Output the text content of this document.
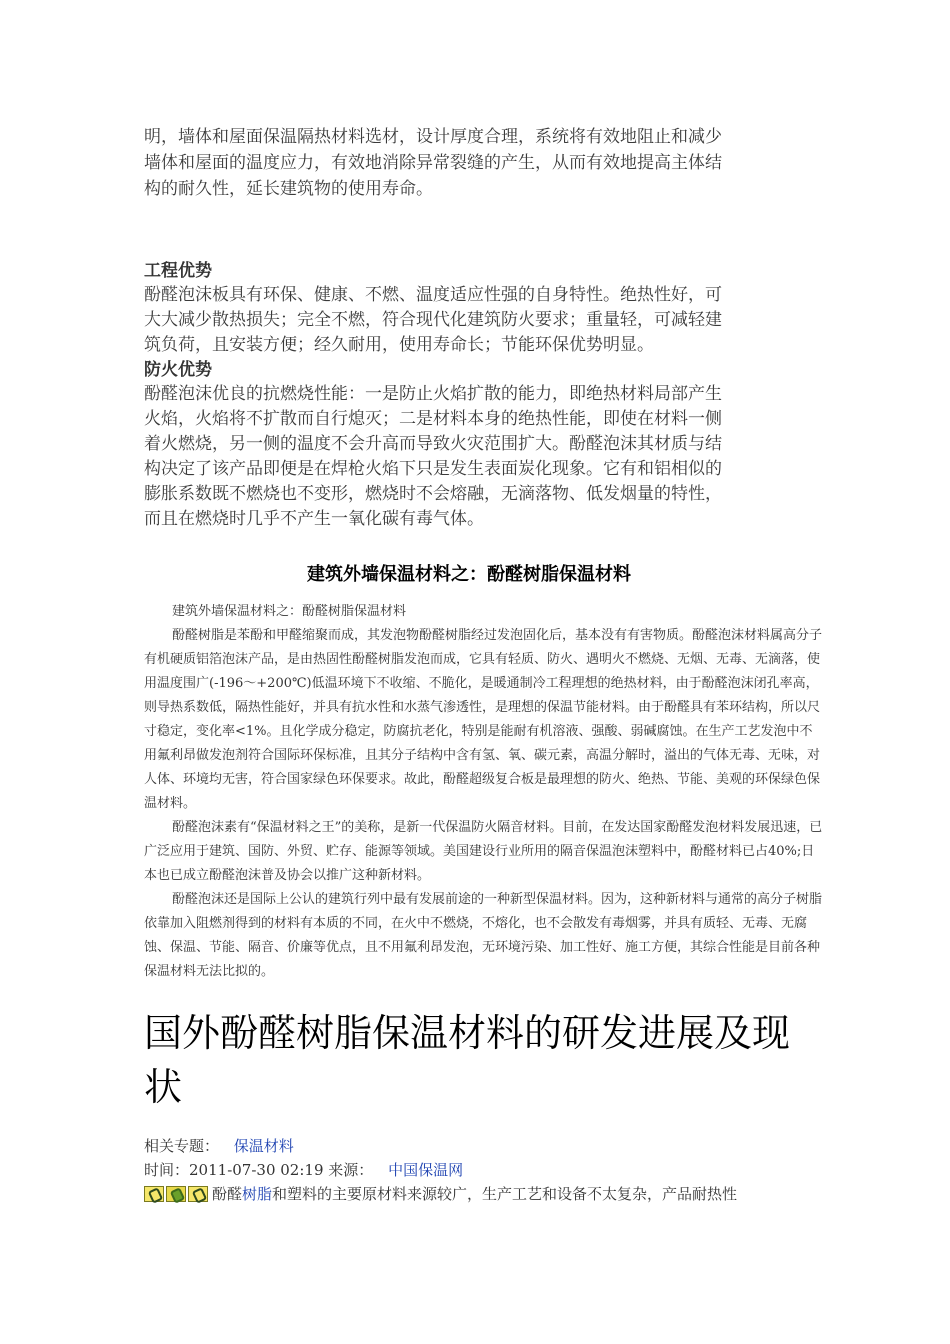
明，墙体和屋面保温隔热材料选材，设计厚度合理，系统将有效地阻止和减少

墙体和屋面的温度应力，有效地消除异常裂缝的产生，从而有效地提高主体结

构的耐久性，延长建筑物的使用寿命。

工程优势

酚醛泡沫板具有环保、健康、不燃、温度适应性强的自身特性。绝热性好，可

大大减少散热损失；完全不燃，符合现代化建筑防火要求；重量轻，可减轻建

筑负荷，且安装方便；经久耐用，使用寿命长；节能环保优势明显。

防火优势

酚醛泡沫优良的抗燃烧性能：一是防止火焰扩散的能力，即绝热材料局部产生

火焰，火焰将不扩散而自行熄灭；二是材料本身的绝热性能，即使在材料一侧

着火燃烧，另一侧的温度不会升高而导致火灾范围扩大。酚醛泡沫其材质与结

构决定了该产品即便是在焊枪火焰下只是发生表面炭化现象。它有和铝相似的

膨胀系数既不燃烧也不变形，燃烧时不会熔融，无滴落物、低发烟量的特性，

而且在燃烧时几乎不产生一氧化碳有毒气体。

建筑外墙保温材料之：酚醛树脂保温材料

建筑外墙保温材料之：酚醛树脂保温材料

酚醛树脂是苯酚和甲醛缩聚而成，其发泡物酚醛树脂经过发泡固化后，基本没有有害物质。酚醛泡沫材料属高分子有机硬质铝箔泡沫产品，是由热固性酚醛树脂发泡而成，它具有轻质、防火、遇明火不燃烧、无烟、无毒、无滴落，使用温度围广(-196～+200℃)低温环境下不收缩、不脆化，是暖通制冷工程理想的绝热材料，由于酚醛泡沫闭孔率高，则导热系数低，隔热性能好，并具有抗水性和水蒸气渗透性，是理想的保温节能材料。由于酚醛具有苯环结构，所以尺寸稳定，变化率<1%。且化学成分稳定，防腐抗老化，特别是能耐有机溶液、强酸、弱碱腐蚀。在生产工艺发泡中不用氟利昂做发泡剂符合国际环保标准，且其分子结构中含有氢、氧、碳元素，高温分解时，溢出的气体无毒、无味，对人体、环境均无害，符合国家绿色环保要求。故此，酚醛超级复合板是最理想的防火、绝热、节能、美观的环保绿色保温材料。

酚醛泡沫素有“保温材料之王”的美称，是新一代保温防火隔音材料。目前，在发达国家酚醛发泡材料发展迅速，已广泛应用于建筑、国防、外贸、贮存、能源等领域。美国建设行业所用的隔音保温泡沫塑料中，酚醛材料已占40%;日本也已成立酚醛泡沫普及协会以推广这种新材料。

酚醛泡沫还是国际上公认的建筑行列中最有发展前途的一种新型保温材料。因为，这种新材料与通常的高分子树脂依靠加入阻燃剂得到的材料有本质的不同，在火中不燃烧，不熔化，也不会散发有毒烟雾，并具有质轻、无毒、无腐蚀、保温、节能、隔音、价廉等优点，且不用氟利昂发泡，无环境污染、加工性好、施工方便，其综合性能是目前各种保温材料无法比拟的。

国外酚醛树脂保温材料的研发进展及现状

相关专题： 保温材料

时间：2011-07-30 02:19 来源： 中国保温网

酚醛树脂和塑料的主要原材料来源较广，生产工艺和设备不太复杂，产品耐热性
